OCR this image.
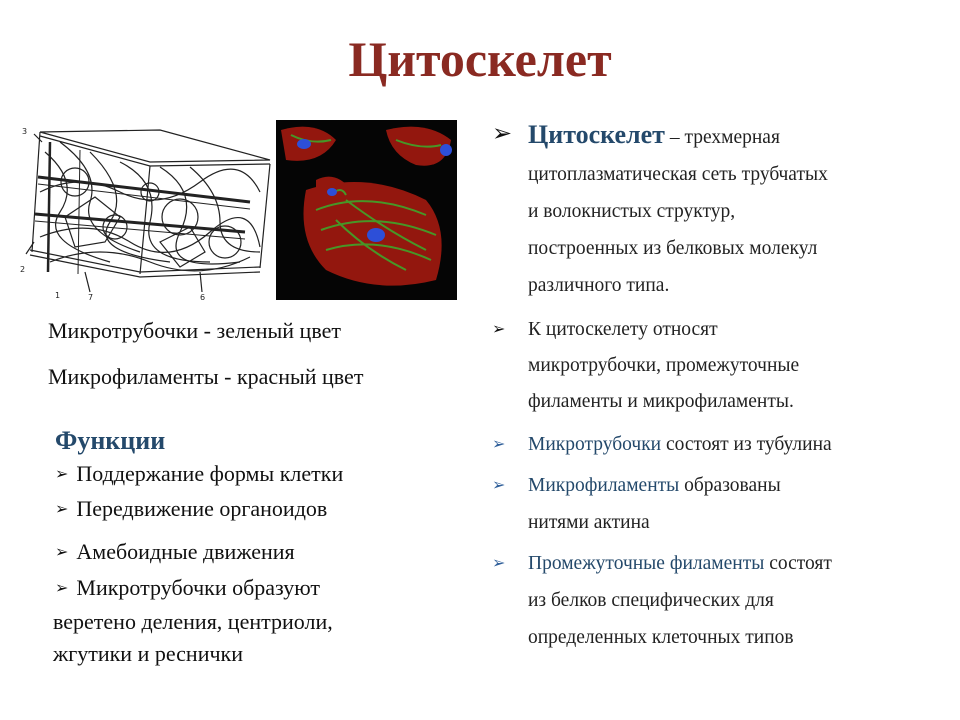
Цитоскелет
3
2
1	7	6
Микротрубочки - зеленый цвет
Микрофиламенты - красный цвет
Функции
➢ Поддержание формы клетки
➢ Передвижение органоидов
➢ Амебоидные движения
➢ Микротрубочки образуют
веретено деления, центриоли,
жгутики и реснички
➢ Цитоскелет – трехмерная
цитоплазматическая сеть трубчатых
и волокнистых структур,
построенных из белковых молекул
различного типа.
➢ К цитоскелету относят
микротрубочки, промежуточные
филаменты и микрофиламенты.
➢ Микротрубочки состоят из тубулина
➢ Микрофиламенты образованы
нитями актина
➢ Промежуточные филаменты состоят
из белков специфических для
определенных клеточных типов
